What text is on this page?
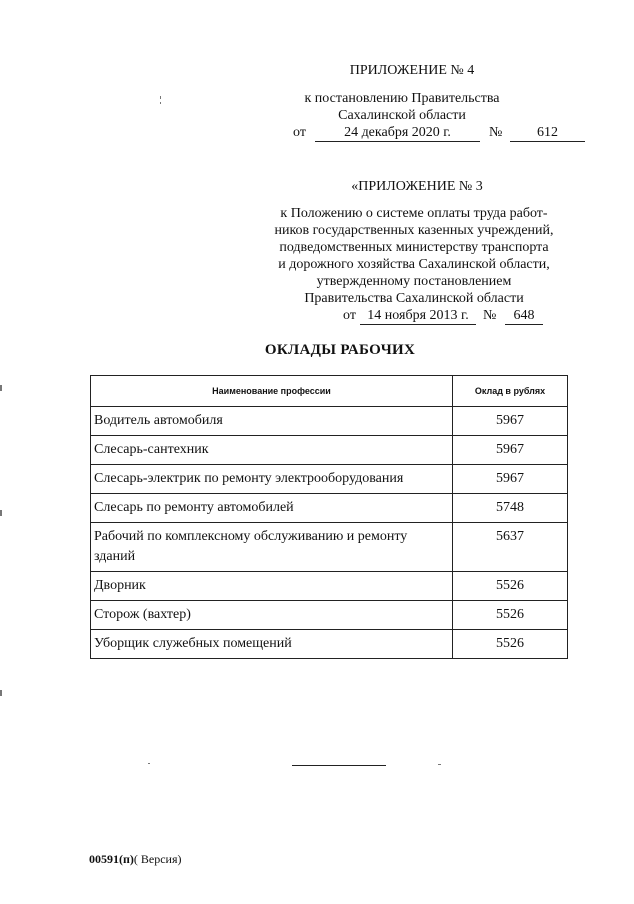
ПРИЛОЖЕНИЕ № 4
к постановлению Правительства
Сахалинской области
от	24 декабря 2020 г.	№	612
«ПРИЛОЖЕНИЕ № 3
к Положению о системе оплаты труда работ-
ников государственных казенных учреждений,
подведомственных министерству транспорта
и дорожного хозяйства Сахалинской области,
утвержденному постановлением
Правительства Сахалинской области
от 14 ноября 2013 г.	№	648
ОКЛАДЫ РАБОЧИХ
Наименование профессии	Оклад в рублях
Водитель автомобиля	5967
Слесарь-сантехник	5967
Слесарь-электрик по ремонту электрооборудования	5967
Слесарь по ремонту автомобилей	5748
Рабочий по комплексному обслуживанию и ремонту зданий	5637
Дворник	5526
Сторож (вахтер)	5526
Уборщик служебных помещений	5526
00591(п)( Версия)
